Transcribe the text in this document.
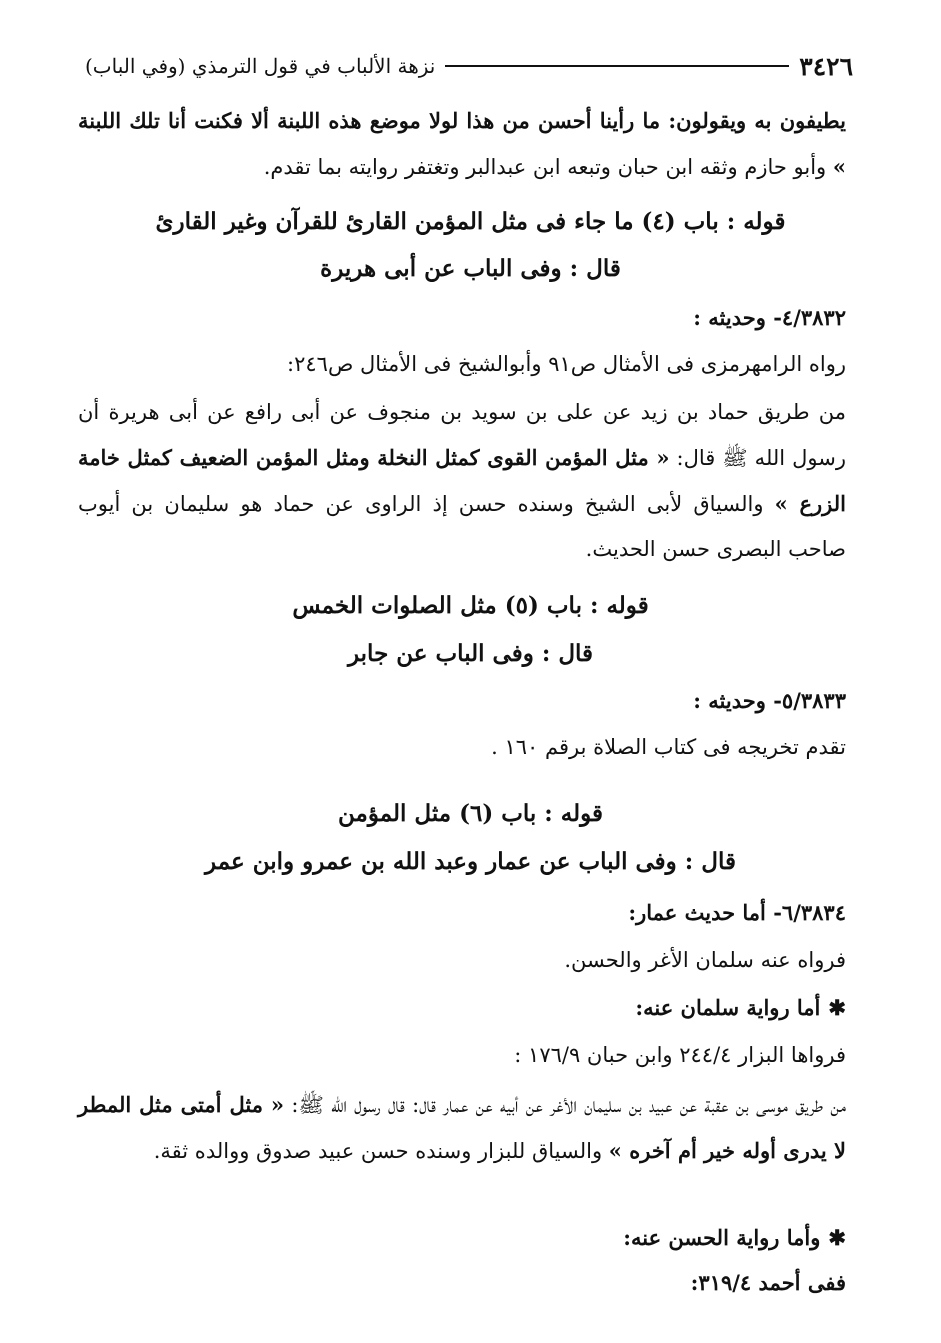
٣٤٢٦
نزهة الألباب في قول الترمذي (وفي الباب)
يطيفون به ويقولون: ما رأينا أحسن من هذا لولا موضع هذه اللبنة ألا فكنت أنا تلك اللبنة » وأبو حازم وثقه ابن حبان وتبعه ابن عبدالبر وتغتفر روايته بما تقدم.
قوله : باب (٤) ما جاء فى مثل المؤمن القارئ للقرآن وغير القارئ
قال : وفى الباب عن أبى هريرة
٤/٣٨٣٢- وحديثه :
رواه الرامهرمزى فى الأمثال ص٩١ وأبوالشيخ فى الأمثال ص٢٤٦:
من طريق حماد بن زيد عن على بن سويد بن منجوف عن أبى رافع عن أبى هريرة أن رسول الله ﷺ قال: « مثل المؤمن القوى كمثل النخلة ومثل المؤمن الضعيف كمثل خامة الزرع » والسياق لأبى الشيخ وسنده حسن إذ الراوى عن حماد هو سليمان بن أيوب صاحب البصرى حسن الحديث.
قوله : باب (٥) مثل الصلوات الخمس
قال : وفى الباب عن جابر
٥/٣٨٣٣- وحديثه :
تقدم تخريجه فى كتاب الصلاة برقم ١٦٠ .
قوله : باب (٦) مثل المؤمن
قال : وفى الباب عن عمار وعبد الله بن عمرو وابن عمر
٦/٣٨٣٤- أما حديث عمار:
فرواه عنه سلمان الأغر والحسن.
✱ أما رواية سلمان عنه:
فرواها البزار ٢٤٤/٤ وابن حبان ١٧٦/٩ :
من طريق موسى بن عقبة عن عبيد بن سليمان الأغر عن أبيه عن عمار قال: قال رسول الله ﷺ: « مثل أمتى مثل المطر لا يدرى أوله خير أم آخره » والسياق للبزار وسنده حسن عبيد صدوق ووالده ثقة.
✱ وأما رواية الحسن عنه:
ففى أحمد ٣١٩/٤:
